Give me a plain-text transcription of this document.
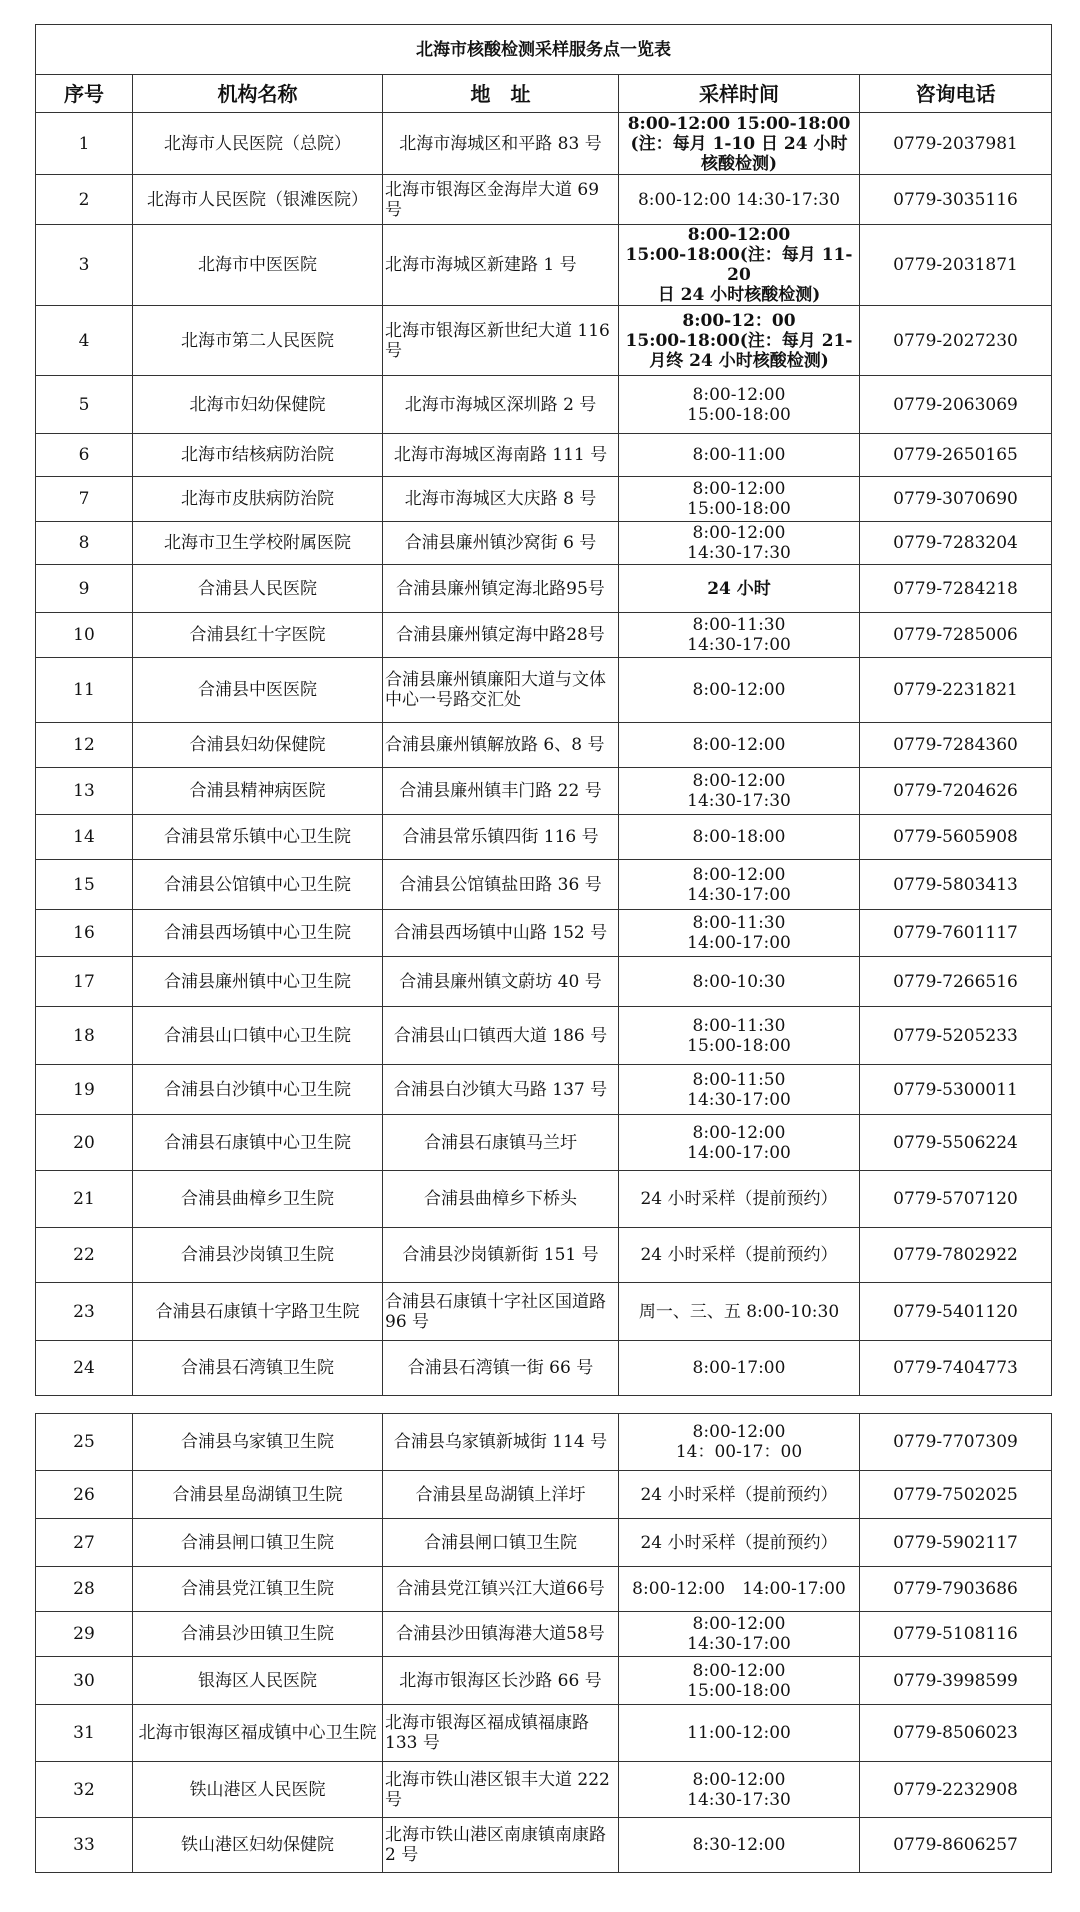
北海市核酸检测采样服务点一览表				
序号	机构名称	地　址	采样时间	咨询电话
1	北海市人民医院（总院）	北海市海城区和平路 83 号	8:00-12:00 15:00-18:00
(注：每月 1-10 日 24 小时
核酸检测)	0779-2037981
2	北海市人民医院（银滩医院）	北海市银海区金海岸大道 69 号	8:00-12:00 14:30-17:30	0779-3035116
3	北海市中医医院	北海市海城区新建路 1 号	8:00-12:00
15:00-18:00(注：每月 11-20
日 24 小时核酸检测)	0779-2031871
4	北海市第二人民医院	北海市银海区新世纪大道 116 号	8:00-12：00
15:00-18:00(注：每月 21-
月终 24 小时核酸检测)	0779-2027230
5	北海市妇幼保健院	北海市海城区深圳路 2 号	8:00-12:00
15:00-18:00	0779-2063069
6	北海市结核病防治院	北海市海城区海南路 111 号	8:00-11:00	0779-2650165
7	北海市皮肤病防治院	北海市海城区大庆路 8 号	8:00-12:00
15:00-18:00	0779-3070690
8	北海市卫生学校附属医院	合浦县廉州镇沙窝街 6 号	8:00-12:00
14:30-17:30	0779-7283204
9	合浦县人民医院	合浦县廉州镇定海北路95号	24 小时	0779-7284218
10	合浦县红十字医院	合浦县廉州镇定海中路28号	8:00-11:30
14:30-17:00	0779-7285006
11	合浦县中医医院	合浦县廉州镇廉阳大道与文体中心一号路交汇处	8:00-12:00	0779-2231821
12	合浦县妇幼保健院	合浦县廉州镇解放路 6、8 号	8:00-12:00	0779-7284360
13	合浦县精神病医院	合浦县廉州镇丰门路 22 号	8:00-12:00
14:30-17:30	0779-7204626
14	合浦县常乐镇中心卫生院	合浦县常乐镇四街 116 号	8:00-18:00	0779-5605908
15	合浦县公馆镇中心卫生院	合浦县公馆镇盐田路 36 号	8:00-12:00
14:30-17:00	0779-5803413
16	合浦县西场镇中心卫生院	合浦县西场镇中山路 152 号	8:00-11:30
14:00-17:00	0779-7601117
17	合浦县廉州镇中心卫生院	合浦县廉州镇文蔚坊 40 号	8:00-10:30	0779-7266516
18	合浦县山口镇中心卫生院	合浦县山口镇西大道 186 号	8:00-11:30
15:00-18:00	0779-5205233
19	合浦县白沙镇中心卫生院	合浦县白沙镇大马路 137 号	8:00-11:50
14:30-17:00	0779-5300011
20	合浦县石康镇中心卫生院	合浦县石康镇马兰圩	8:00-12:00
14:00-17:00	0779-5506224
21	合浦县曲樟乡卫生院	合浦县曲樟乡下桥头	24 小时采样（提前预约）	0779-5707120
22	合浦县沙岗镇卫生院	合浦县沙岗镇新街 151 号	24 小时采样（提前预约）	0779-7802922
23	合浦县石康镇十字路卫生院	合浦县石康镇十字社区国道路 96 号	周一、三、五 8:00-10:30	0779-5401120
24	合浦县石湾镇卫生院	合浦县石湾镇一街 66 号	8:00-17:00	0779-7404773
25	合浦县乌家镇卫生院	合浦县乌家镇新城街 114 号	8:00-12:00
14：00-17：00	0779-7707309
26	合浦县星岛湖镇卫生院	合浦县星岛湖镇上洋圩	24 小时采样（提前预约）	0779-7502025
27	合浦县闸口镇卫生院	合浦县闸口镇卫生院	24 小时采样（提前预约）	0779-5902117
28	合浦县党江镇卫生院	合浦县党江镇兴江大道66号	8:00-12:00　14:00-17:00	0779-7903686
29	合浦县沙田镇卫生院	合浦县沙田镇海港大道58号	8:00-12:00
14:30-17:00	0779-5108116
30	银海区人民医院	北海市银海区长沙路 66 号	8:00-12:00
15:00-18:00	0779-3998599
31	北海市银海区福成镇中心卫生院	北海市银海区福成镇福康路 133 号	11:00-12:00	0779-8506023
32	铁山港区人民医院	北海市铁山港区银丰大道 222 号	8:00-12:00
14:30-17:30	0779-2232908
33	铁山港区妇幼保健院	北海市铁山港区南康镇南康路 2 号	8:30-12:00	0779-8606257
